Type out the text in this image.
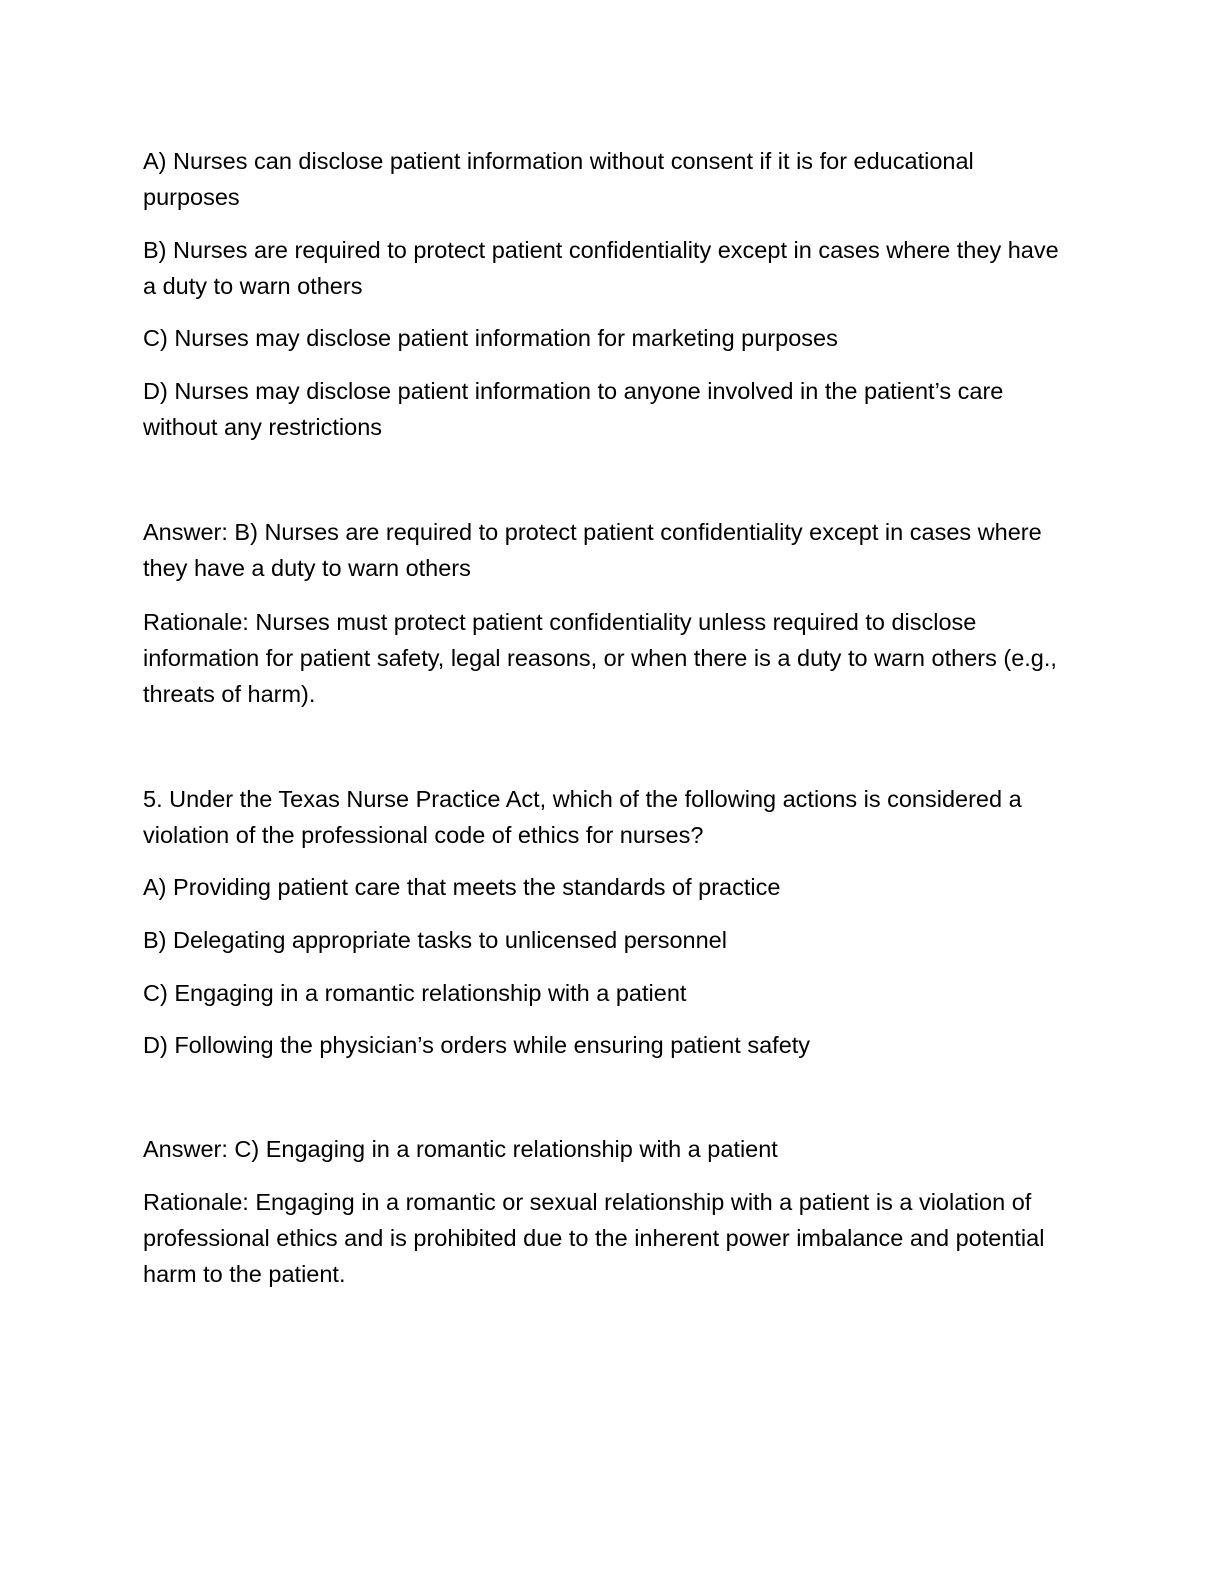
A) Nurses can disclose patient information without consent if it is for educational purposes

B) Nurses are required to protect patient confidentiality except in cases where they have a duty to warn others

C) Nurses may disclose patient information for marketing purposes

D) Nurses may disclose patient information to anyone involved in the patient’s care without any restrictions

Answer: B) Nurses are required to protect patient confidentiality except in cases where they have a duty to warn others

Rationale: Nurses must protect patient confidentiality unless required to disclose information for patient safety, legal reasons, or when there is a duty to warn others (e.g., threats of harm).

5. Under the Texas Nurse Practice Act, which of the following actions is considered a violation of the professional code of ethics for nurses?

A) Providing patient care that meets the standards of practice

B) Delegating appropriate tasks to unlicensed personnel

C) Engaging in a romantic relationship with a patient

D) Following the physician’s orders while ensuring patient safety

Answer: C) Engaging in a romantic relationship with a patient

Rationale: Engaging in a romantic or sexual relationship with a patient is a violation of professional ethics and is prohibited due to the inherent power imbalance and potential harm to the patient.
